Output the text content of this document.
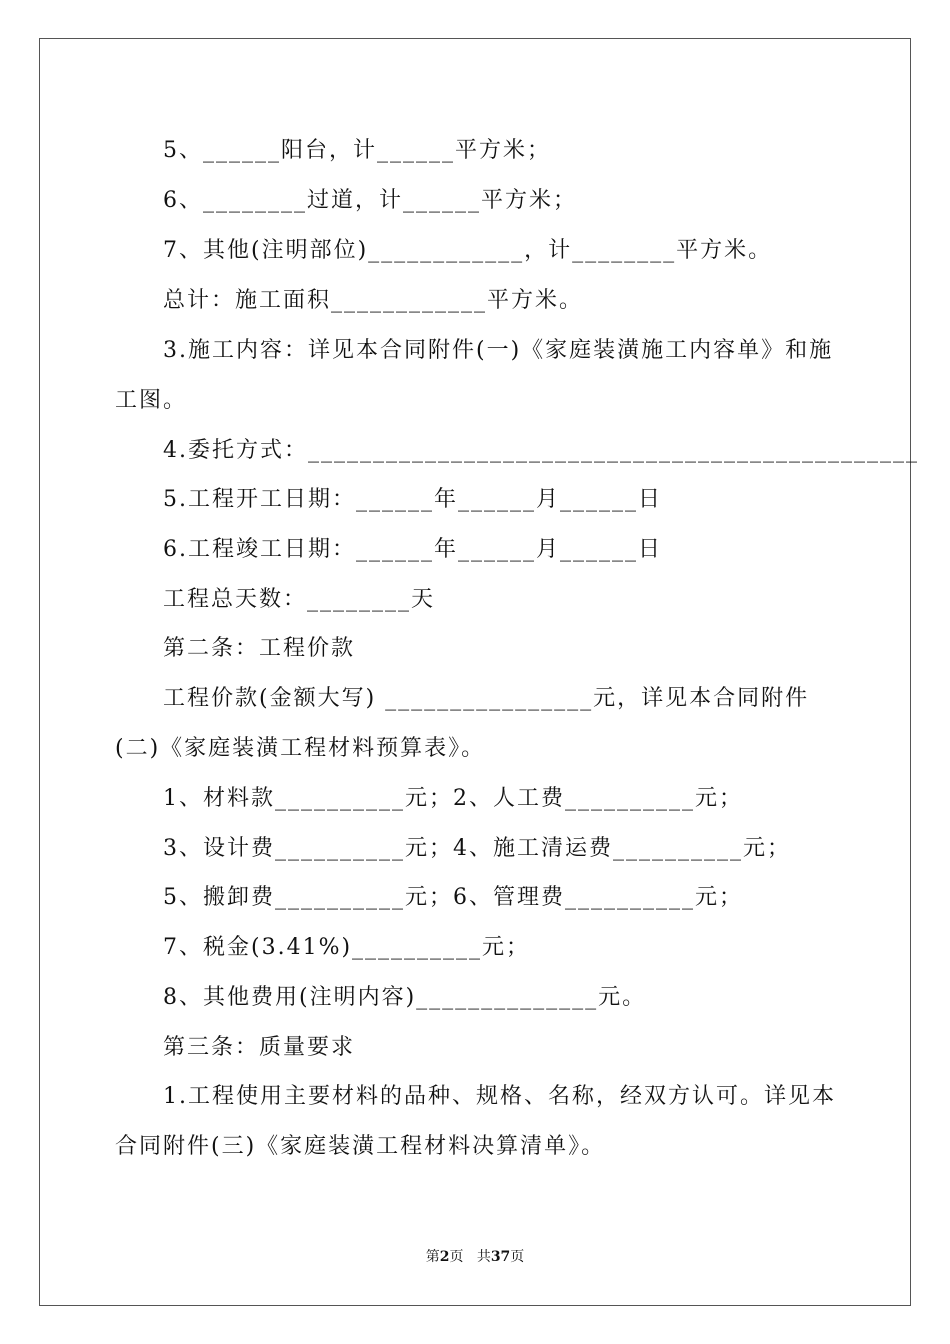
5、______阳台，计______平方米；
6、________过道，计______平方米；
7、其他(注明部位)____________，计________平方米。
总计：施工面积____________平方米。
3.施工内容：详见本合同附件(一)《家庭装潢施工内容单》和施
工图。
4.委托方式：_______________________________________________
5.工程开工日期：______年______月______日
6.工程竣工日期：______年______月______日
工程总天数：________天
第二条：工程价款
工程价款(金额大写) ________________元，详见本合同附件
(二)《家庭装潢工程材料预算表》。
1、材料款__________元；2、人工费__________元；
3、设计费__________元；4、施工清运费__________元；
5、搬卸费__________元；6、管理费__________元；
7、税金(3.41%)__________元；
8、其他费用(注明内容)______________元。
第三条：质量要求
1.工程使用主要材料的品种、规格、名称，经双方认可。详见本
合同附件(三)《家庭装潢工程材料决算清单》。
第2页 共37页
